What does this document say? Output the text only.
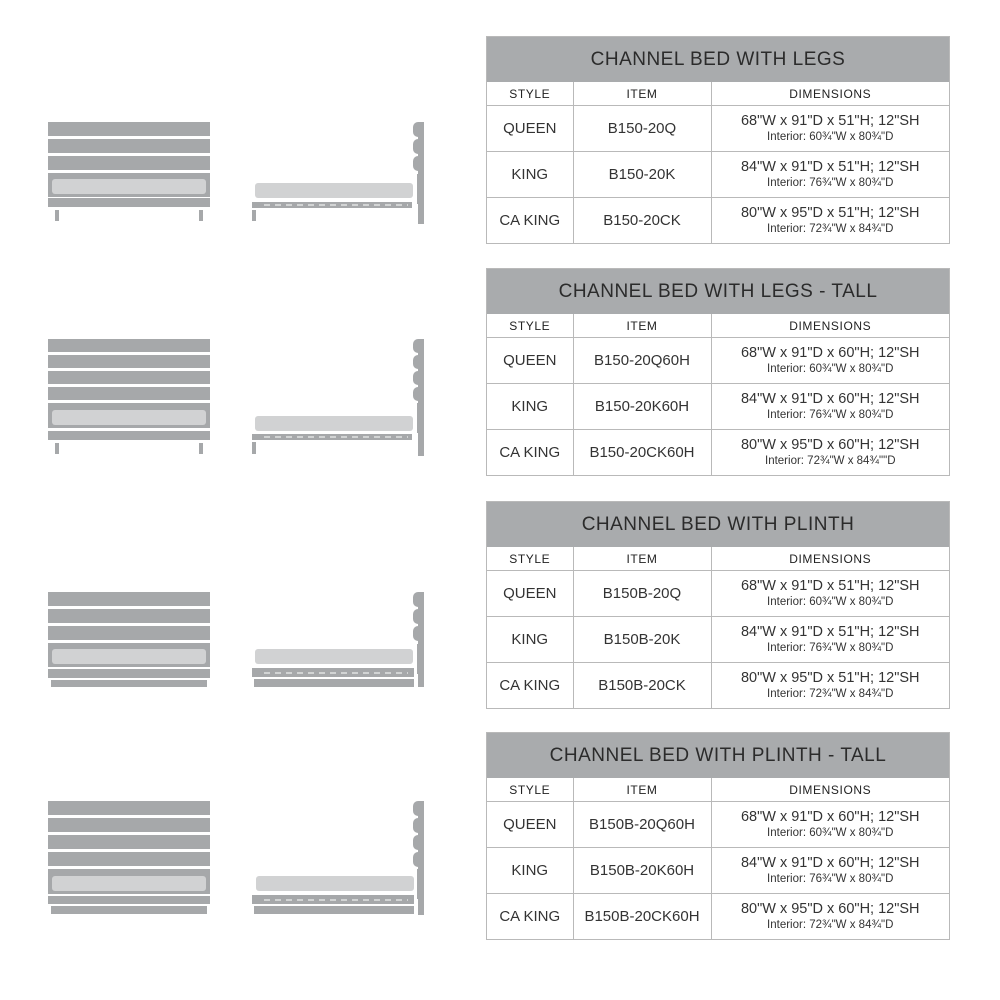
CHANNEL BED WITH LEGS
STYLE	ITEM	DIMENSIONS
QUEEN	B150-20Q	68"W x 91"D x 51"H; 12"SH
Interior: 60¾"W x 80¾"D

KING	B150-20K	84"W x 91"D x 51"H; 12"SH
Interior: 76¾"W x 80¾"D

CA KING	B150-20CK	80"W x 95"D x 51"H; 12"SH
Interior: 72¾"W x 84¾"D
CHANNEL BED WITH LEGS - TALL
STYLE	ITEM	DIMENSIONS
QUEEN	B150-20Q60H	68"W x 91"D x 60"H; 12"SH
Interior: 60¾"W x 80¾"D

KING	B150-20K60H	84"W x 91"D x 60"H; 12"SH
Interior: 76¾"W x 80¾"D

CA KING	B150-20CK60H	80"W x 95"D x 60"H; 12"SH
Interior: 72¾"W x 84¾""D
CHANNEL BED WITH PLINTH
STYLE	ITEM	DIMENSIONS
QUEEN	B150B-20Q	68"W x 91"D x 51"H; 12"SH
Interior: 60¾"W x 80¾"D

KING	B150B-20K	84"W x 91"D x 51"H; 12"SH
Interior: 76¾"W x 80¾"D

CA KING	B150B-20CK	80"W x 95"D x 51"H; 12"SH
Interior: 72¾"W x 84¾"D
CHANNEL BED WITH PLINTH - TALL
STYLE	ITEM	DIMENSIONS
QUEEN	B150B-20Q60H	68"W x 91"D x 60"H; 12"SH
Interior: 60¾"W x 80¾"D

KING	B150B-20K60H	84"W x 91"D x 60"H; 12"SH
Interior: 76¾"W x 80¾"D

CA KING	B150B-20CK60H	80"W x 95"D x 60"H; 12"SH
Interior: 72¾"W x 84¾"D
